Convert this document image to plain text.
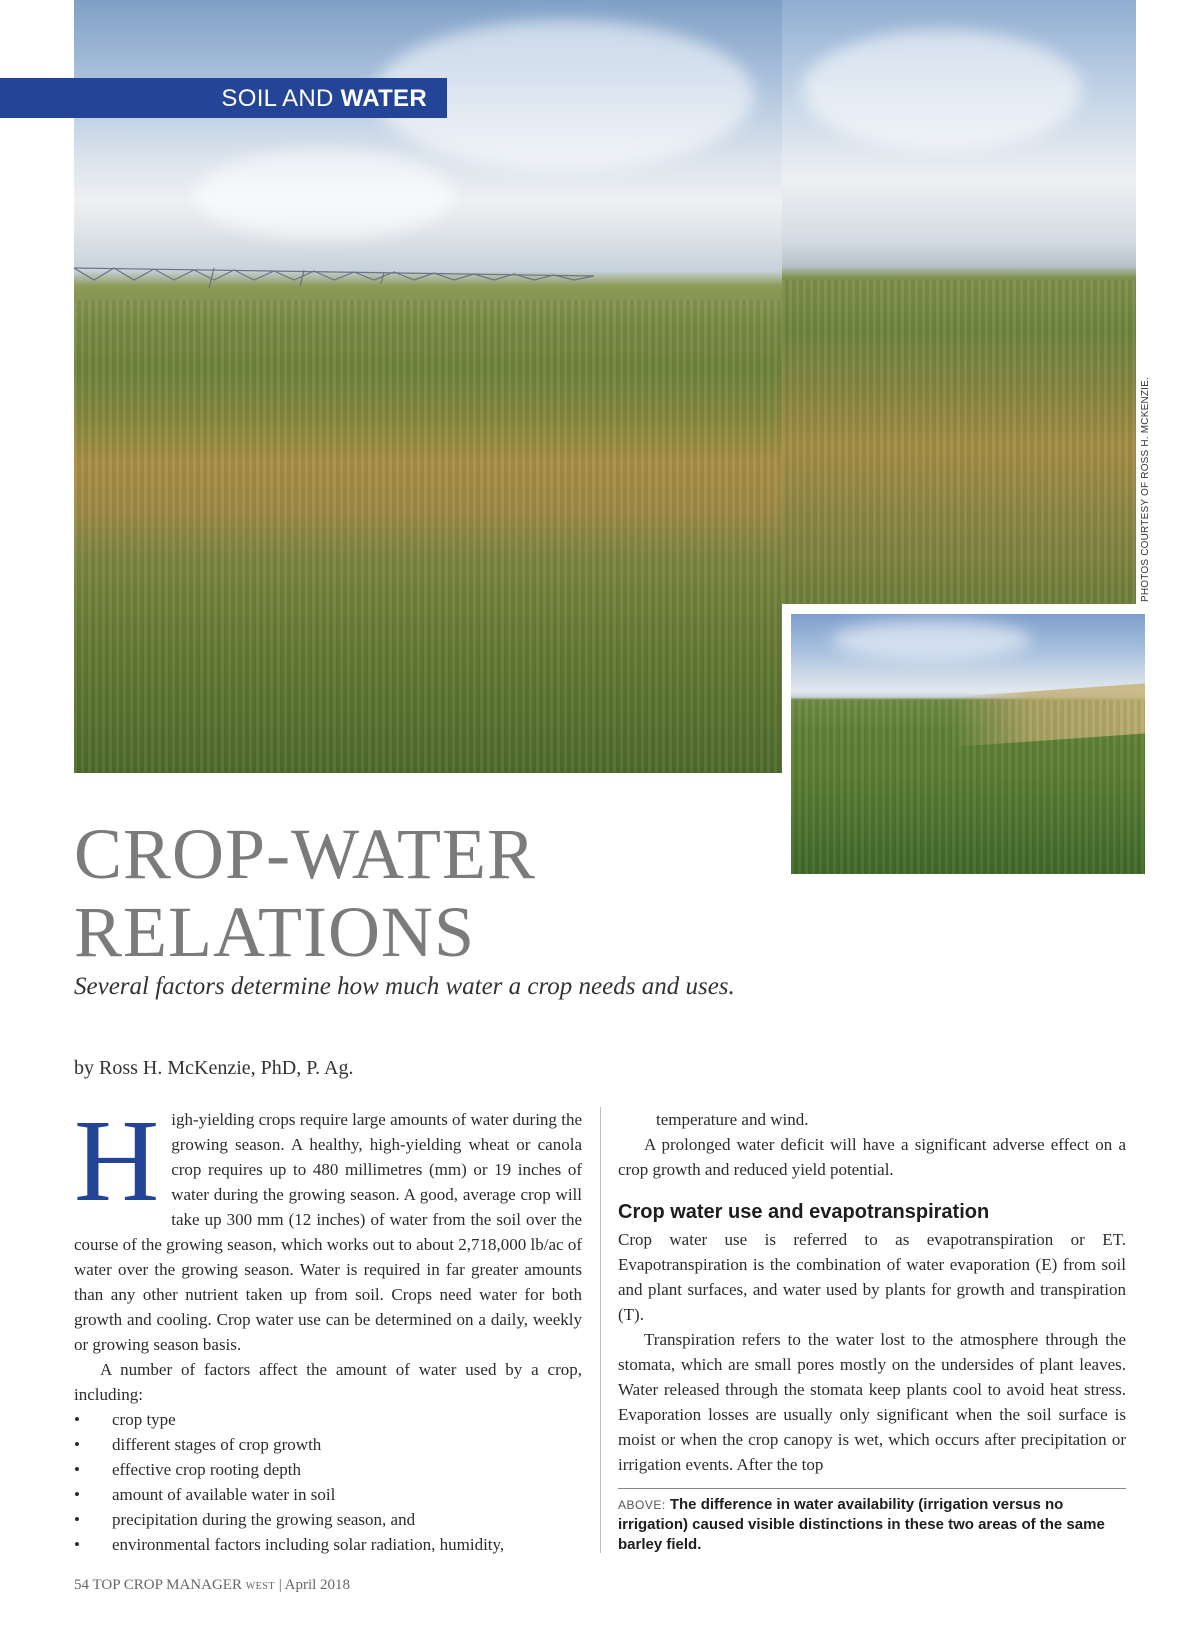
SOIL AND WATER
PHOTOS COURTESY OF ROSS H. MCKENZIE.
CROP-WATER
RELATIONS

Several factors determine how much water a crop needs and uses.

by Ross H. McKenzie, PhD, P. Ag.

High-yielding crops require large amounts of water during the growing season. A healthy, high-yielding wheat or canola crop requires up to 480 millimetres (mm) or 19 inches of water during the growing season. A good, average crop will take up 300 mm (12 inches) of water from the soil over the course of the growing season, which works out to about 2,718,000 lb/ac of water over the growing season. Water is required in far greater amounts than any other nutrient taken up from soil. Crops need water for both growth and cooling. Crop water use can be determined on a daily, weekly or growing season basis.

A number of factors affect the amount of water used by a crop, including:

• crop type
• different stages of crop growth
• effective crop rooting depth
• amount of available water in soil
• precipitation during the growing season, and
• environmental factors including solar radiation, humidity,

temperature and wind.

A prolonged water deficit will have a significant adverse effect on a crop growth and reduced yield potential.

Crop water use and evapotranspiration

Crop water use is referred to as evapotranspiration or ET. Evapotranspiration is the combination of water evaporation (E) from soil and plant surfaces, and water used by plants for growth and transpiration (T).

Transpiration refers to the water lost to the atmosphere through the stomata, which are small pores mostly on the undersides of plant leaves. Water released through the stomata keep plants cool to avoid heat stress. Evaporation losses are usually only significant when the soil surface is moist or when the crop canopy is wet, which occurs after precipitation or irrigation events. After the top

ABOVE: The difference in water availability (irrigation versus no irrigation) caused visible distinctions in these two areas of the same barley field.
54 TOP CROP MANAGER WEST | April 2018
